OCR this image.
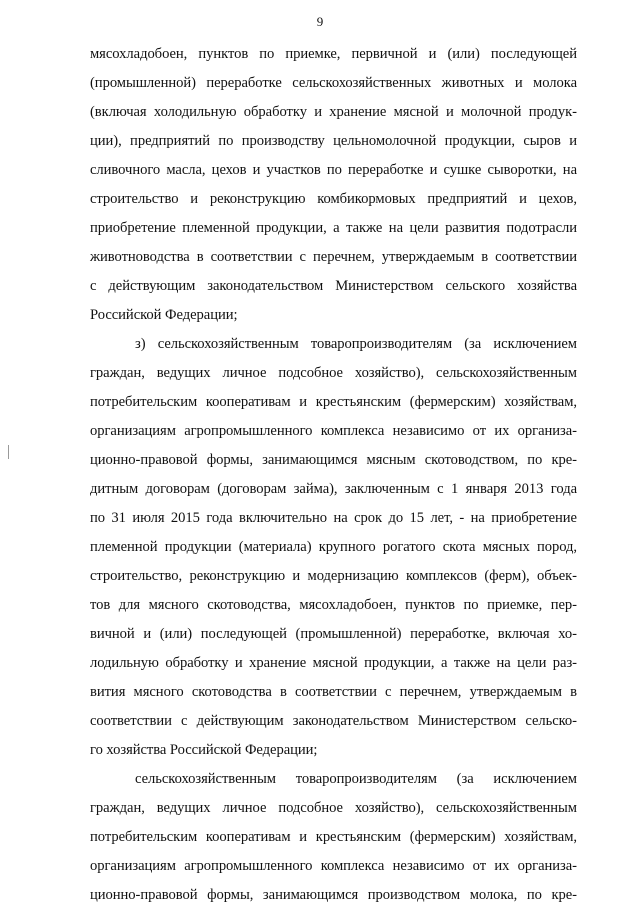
9
мясохладобоен, пунктов по приемке, первичной и (или) последующей
(промышленной) переработке сельскохозяйственных животных и молока
(включая холодильную обработку и хранение мясной и молочной продук-
ции), предприятий по производству цельномолочной продукции, сыров и
сливочного масла, цехов и участков по переработке и сушке сыворотки, на
строительство и реконструкцию комбикормовых предприятий и цехов,
приобретение племенной продукции, а также на цели развития подотрасли
животноводства в соответствии с перечнем, утверждаемым в соответствии
с действующим законодательством Министерством сельского хозяйства
Российской Федерации;
з) сельскохозяйственным товаропроизводителям (за исключением
граждан, ведущих личное подсобное хозяйство), сельскохозяйственным
потребительским кооперативам и крестьянским (фермерским) хозяйствам,
организациям агропромышленного комплекса независимо от их организа-
ционно-правовой формы, занимающимся мясным скотоводством, по кре-
дитным договорам (договорам займа), заключенным с 1 января 2013 года
по 31 июля 2015 года включительно на срок до 15 лет, - на приобретение
племенной продукции (материала) крупного рогатого скота мясных пород,
строительство, реконструкцию и модернизацию комплексов (ферм), объек-
тов для мясного скотоводства, мясохладобоен, пунктов по приемке, пер-
вичной и (или) последующей (промышленной) переработке, включая хо-
лодильную обработку и хранение мясной продукции, а также на цели раз-
вития мясного скотоводства в соответствии с перечнем, утверждаемым в
соответствии с действующим законодательством Министерством сельско-
го хозяйства Российской Федерации;
сельскохозяйственным товаропроизводителям (за исключением
граждан, ведущих личное подсобное хозяйство), сельскохозяйственным
потребительским кооперативам и крестьянским (фермерским) хозяйствам,
организациям агропромышленного комплекса независимо от их организа-
ционно-правовой формы, занимающимся производством молока, по кре-
